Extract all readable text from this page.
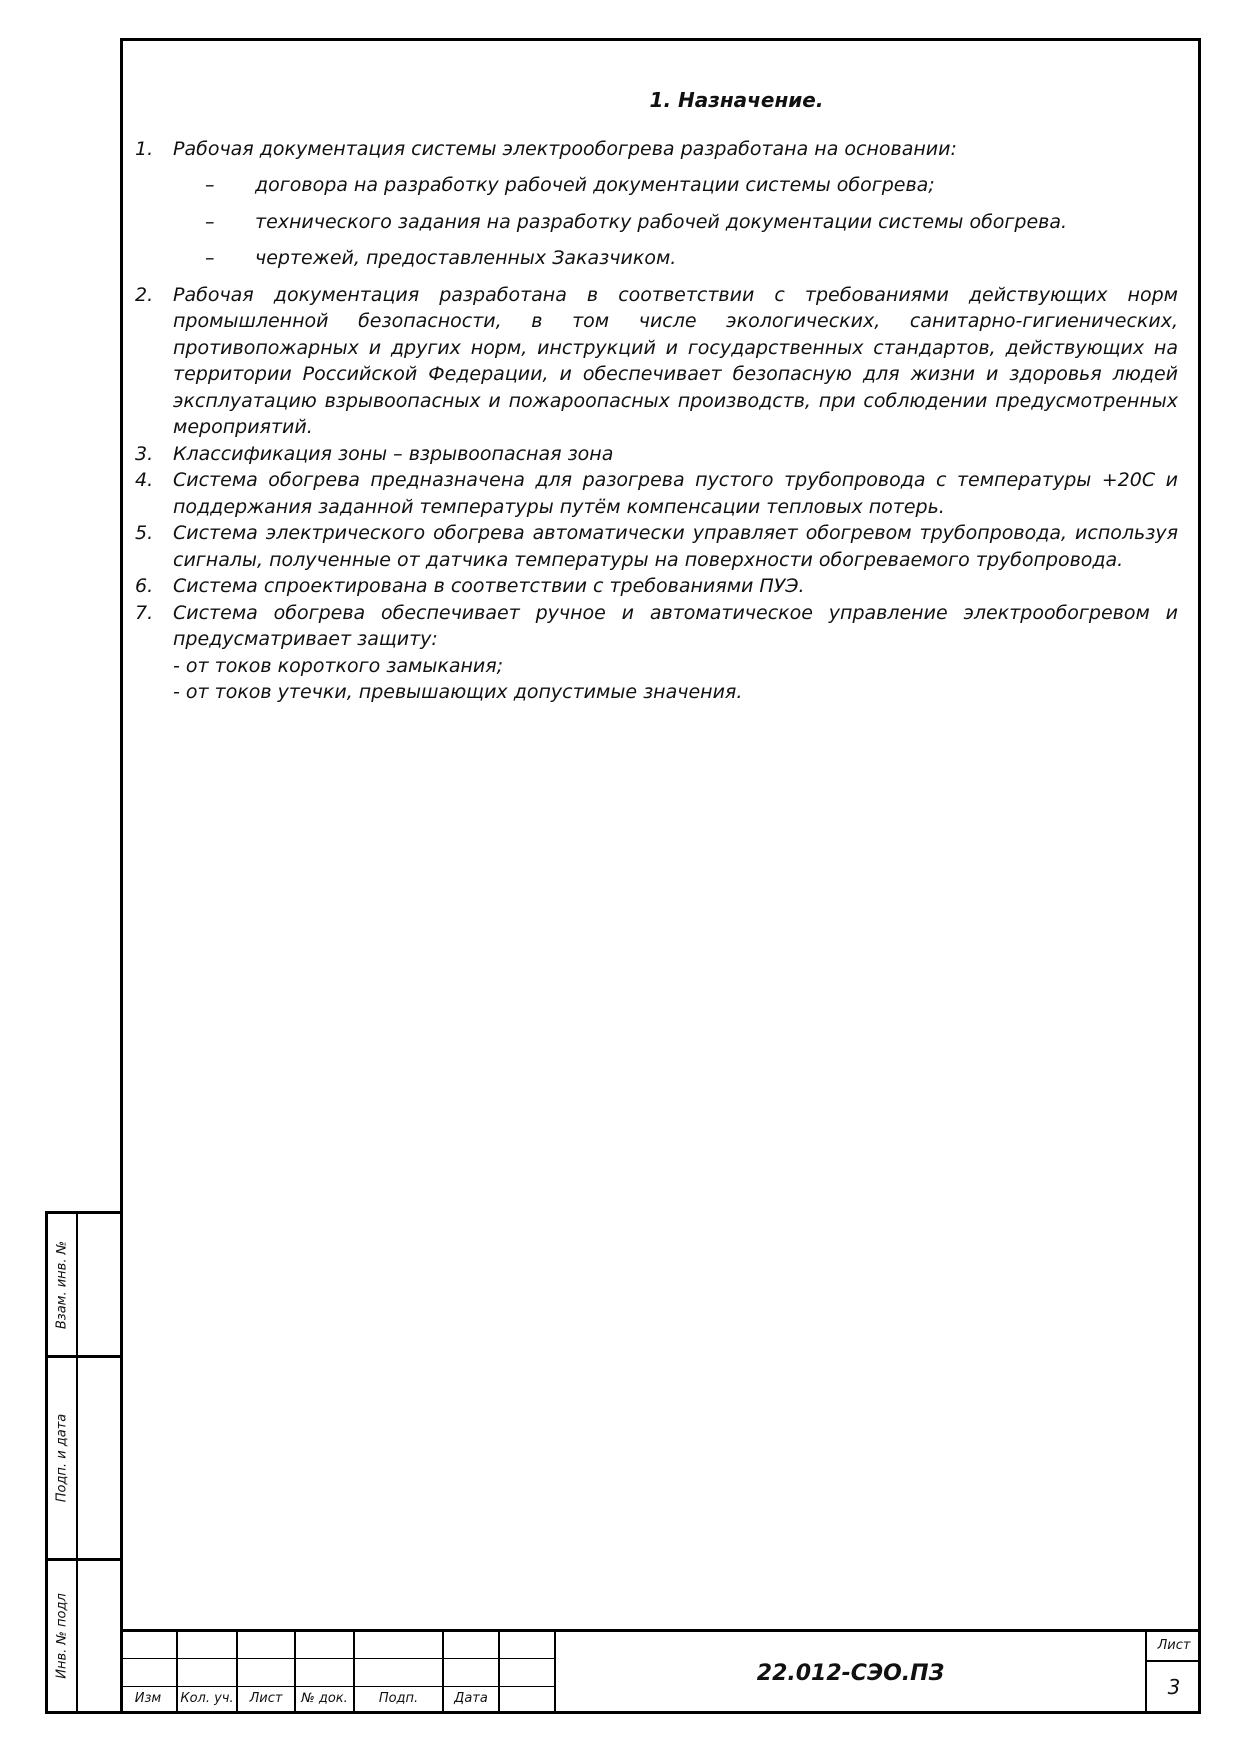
1. Назначение.
1.	Рабочая документация системы электрообогрева разработана на основании:
–	договора на разработку рабочей документации системы обогрева;
–	технического задания на разработку рабочей документации системы обогрева.
–	чертежей, предоставленных Заказчиком.
2.	Рабочая документация разработана в соответствии с требованиями действующих норм промышленной безопасности, в том числе экологических, санитарно-гигиенических, противопожарных и других норм, инструкций и государственных стандартов, действующих на территории Российской Федерации, и обеспечивает безопасную для жизни и здоровья людей эксплуатацию взрывоопасных и пожароопасных производств, при соблюдении предусмотренных мероприятий.
3.	Классификация зоны – взрывоопасная зона
4.	Система обогрева предназначена для разогрева пустого трубопровода с температуры +20С и поддержания заданной температуры путём компенсации тепловых потерь.
5.	Система электрического обогрева автоматически управляет обогревом трубопровода, используя сигналы, полученные от датчика температуры на поверхности обогреваемого трубопровода.
6.	Система спроектирована в соответствии с требованиями ПУЭ.
7.	Система обогрева обеспечивает ручное и автоматическое управление электрообогревом и предусматривает защиту:
- от токов короткого замыкания;
- от токов утечки, превышающих допустимые значения.
Взам. инв. №
Подп. и дата
Инв. № подл
Изм	Кол. уч.	Лист	№ док.	Подп.	Дата
22.012-СЭО.ПЗ
Лист
3
